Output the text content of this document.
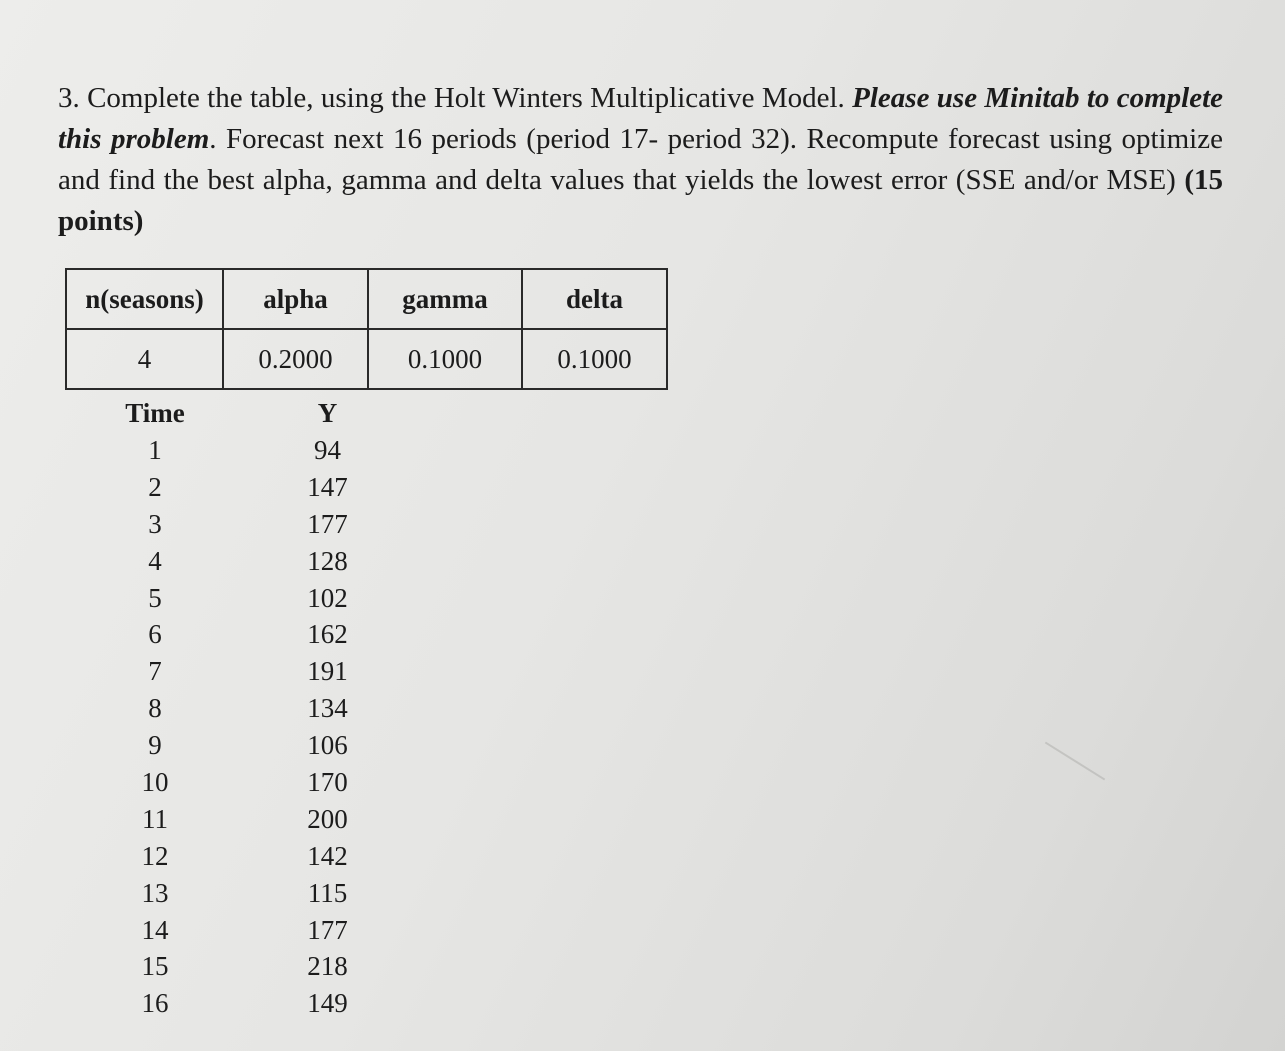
3. Complete the table, using the Holt Winters Multiplicative Model. Please use Minitab to complete this problem. Forecast next 16 periods (period 17- period 32). Recompute forecast using optimize and find the best alpha, gamma and delta values that yields the lowest error (SSE and/or MSE) (15 points)
n(seasons)	alpha	gamma	delta
4	0.2000	0.1000	0.1000
Time	Y
1	94
2	147
3	177
4	128
5	102
6	162
7	191
8	134
9	106
10	170
11	200
12	142
13	115
14	177
15	218
16	149
